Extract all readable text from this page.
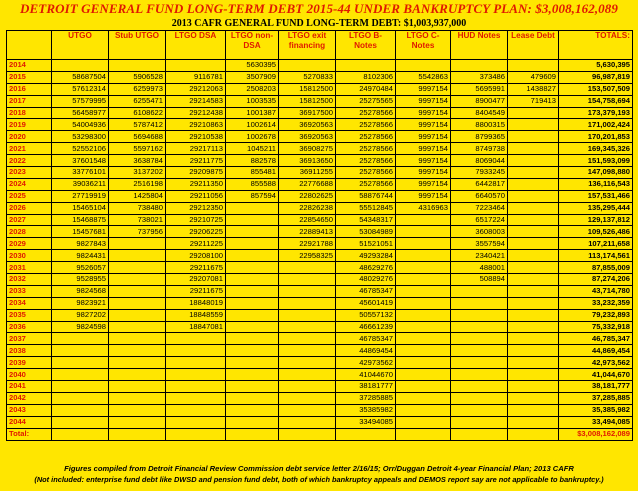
DETROIT GENERAL FUND LONG-TERM DEBT 2015-44 UNDER BANKRUPTCY PLAN: $3,008,162,089
2013 CAFR GENERAL FUND LONG-TERM DEBT: $1,003,937,000
	UTGO	Stub UTGO	LTGO DSA	LTGO non-DSA	LTGO exit financing	LTGO B-Notes	LTGO C-Notes	HUD Notes	Lease Debt	TOTALS:
2014				5630395						5,630,395
2015	58687504	5906528	9116781	3507909	5270833	8102306	5542863	373486	479609	96,987,819
2016	57612314	6259973	29212063	2508203	15812500	24970484	9997154	5695991	1438827	153,507,509
2017	57579995	6255471	29214583	1003535	15812500	25275565	9997154	8900477	719413	154,758,694
2018	56458977	6108622	29212438	1001387	36917500	25278566	9997154	8404549		173,379,193
2019	54004936	5787412	29210863	1002614	36920563	25278566	9997154	8800315		171,002,424
2020	53298300	5694688	29210538	1002678	36920563	25278566	9997154	8799365		170,201,853
2021	52552106	5597162	29217113	1045211	36908275	25278566	9997154	8749738		169,345,326
2022	37601548	3638784	29211775	882578	36913650	25278566	9997154	8069044		151,593,099
2023	33776101	3137202	29209875	855481	36911255	25278566	9997154	7933245		147,098,880
2024	39036211	2516198	29211350	855588	22776688	25278566	9997154	6442817		136,116,543
2025	27719919	1425804	29211056	857594	22802625	58876744	9997154	6640570		157,531,466
2026	15465104	738480	29212350		22826238	55512845	4316963	7223464		135,295,444
2027	15468875	738021	29210725		22854650	54348317		6517224		129,137,812
2028	15457681	737956	29206225		22889413	53084989		3608003		109,526,486
2029	9827843		29211225		22921788	51521051		3557594		107,211,658
2030	9824431		29208100		22958325	49293284		2340421		113,174,561
2031	9526057		29211675			48629276		488001		87,855,009
2032	9528955		29207081			48029276		508894		87,274,206
2033	9824568		29211675			46785347				43,714,780
2034	9823921		18848019			45601419				33,232,359
2035	9827202		18848559			50557132				79,232,893
2036	9824598		18847081			46661239				75,332,918
2037						46785347				46,785,347
2038						44869454				44,869,454
2039						42973562				42,973,562
2040						41044670				41,044,670
2041						38181777				38,181,777
2042						37285885				37,285,885
2043						35385982				35,385,982
2044						33494085				33,494,085
Total:										$3,008,162,089
Figures compiled from Detroit Financial Review Commission debt service letter 2/16/15; Orr/Duggan Detroit 4-year Financial Plan; 2013 CAFR
(Not included: enterprise fund debt like DWSD and pension fund debt, both of which bankruptcy appeals and DEMOS report say are not applicable to bankruptcy.)
